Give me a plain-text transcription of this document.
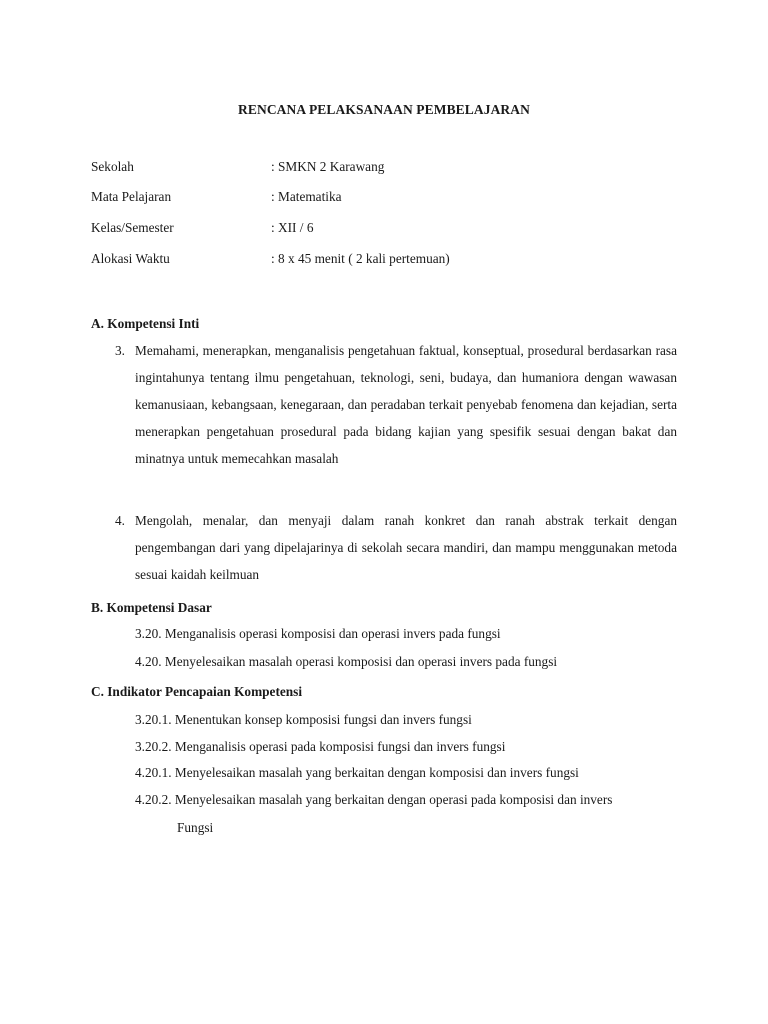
RENCANA PELAKSANAAN PEMBELAJARAN
Sekolah	: SMKN 2 Karawang
Mata Pelajaran	: Matematika
Kelas/Semester	: XII / 6
Alokasi Waktu	: 8 x 45 menit ( 2 kali pertemuan)
A. Kompetensi Inti
3. Memahami, menerapkan, menganalisis pengetahuan faktual, konseptual, prosedural berdasarkan rasa ingintahunya tentang ilmu pengetahuan, teknologi, seni, budaya, dan humaniora dengan wawasan kemanusiaan, kebangsaan, kenegaraan, dan peradaban terkait penyebab fenomena dan kejadian, serta menerapkan pengetahuan prosedural pada bidang kajian yang spesifik sesuai dengan bakat dan minatnya untuk memecahkan masalah
4. Mengolah, menalar, dan menyaji dalam ranah konkret dan ranah abstrak terkait dengan pengembangan dari yang dipelajarinya di sekolah secara mandiri, dan mampu menggunakan metoda sesuai kaidah keilmuan
B. Kompetensi Dasar
3.20. Menganalisis operasi komposisi dan operasi invers pada fungsi
4.20. Menyelesaikan masalah operasi komposisi dan operasi invers pada fungsi
C. Indikator Pencapaian Kompetensi
3.20.1. Menentukan konsep komposisi fungsi dan invers fungsi
3.20.2. Menganalisis operasi pada komposisi fungsi dan invers fungsi
4.20.1. Menyelesaikan masalah yang berkaitan dengan komposisi dan invers fungsi
4.20.2. Menyelesaikan masalah yang berkaitan dengan operasi pada komposisi dan invers
Fungsi
